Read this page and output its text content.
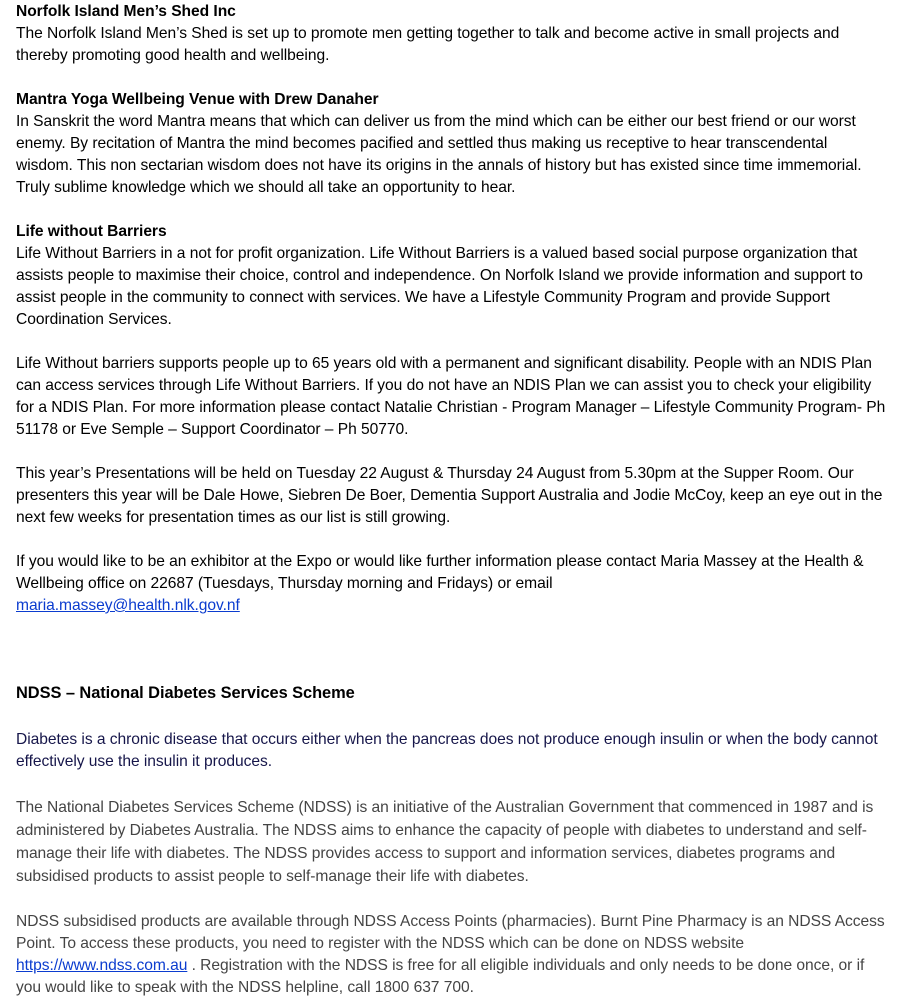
Norfolk Island Men’s Shed Inc
The Norfolk Island Men’s Shed is set up to promote men getting together to talk and become active in small projects and thereby promoting good health and wellbeing.
Mantra Yoga Wellbeing Venue with Drew Danaher
In Sanskrit the word Mantra means that which can deliver us from the mind which can be either our best friend or our worst enemy. By recitation of Mantra the mind becomes pacified and settled thus making us receptive to hear transcendental wisdom. This non sectarian wisdom does not have its origins in the annals of history but has existed since time immemorial. Truly sublime knowledge which we should all take an opportunity to hear.
Life without Barriers
Life Without Barriers in a not for profit organization. Life Without Barriers is a valued based social purpose organization that assists people to maximise their choice, control and independence. On Norfolk Island we provide information and support to assist people in the community to connect with services. We have a Lifestyle Community Program and provide Support Coordination Services.
Life Without barriers supports people up to 65 years old with a permanent and significant disability. People with an NDIS Plan can access services through Life Without Barriers. If you do not have an NDIS Plan we can assist you to check your eligibility for a NDIS Plan. For more information please contact Natalie Christian - Program Manager – Lifestyle Community Program- Ph 51178 or Eve Semple – Support Coordinator – Ph 50770.
This year’s Presentations will be held on Tuesday 22 August & Thursday 24 August from 5.30pm at the Supper Room. Our presenters this year will be Dale Howe, Siebren De Boer, Dementia Support Australia and Jodie McCoy, keep an eye out in the next few weeks for presentation times as our list is still growing.
If you would like to be an exhibitor at the Expo or would like further information please contact Maria Massey at the Health & Wellbeing office on 22687 (Tuesdays, Thursday morning and Fridays) or email
maria.massey@health.nlk.gov.nf
NDSS – National Diabetes Services Scheme
Diabetes is a chronic disease that occurs either when the pancreas does not produce enough insulin or when the body cannot effectively use the insulin it produces.
The National Diabetes Services Scheme (NDSS) is an initiative of the Australian Government that commenced in 1987 and is administered by Diabetes Australia. The NDSS aims to enhance the capacity of people with diabetes to understand and self-manage their life with diabetes. The NDSS provides access to support and information services, diabetes programs and subsidised products to assist people to self-manage their life with diabetes.
NDSS subsidised products are available through NDSS Access Points (pharmacies). Burnt Pine Pharmacy is an NDSS Access Point. To access these products, you need to register with the NDSS which can be done on NDSS website https://www.ndss.com.au . Registration with the NDSS is free for all eligible individuals and only needs to be done once, or if you would like to speak with the NDSS helpline, call 1800 637 700.
